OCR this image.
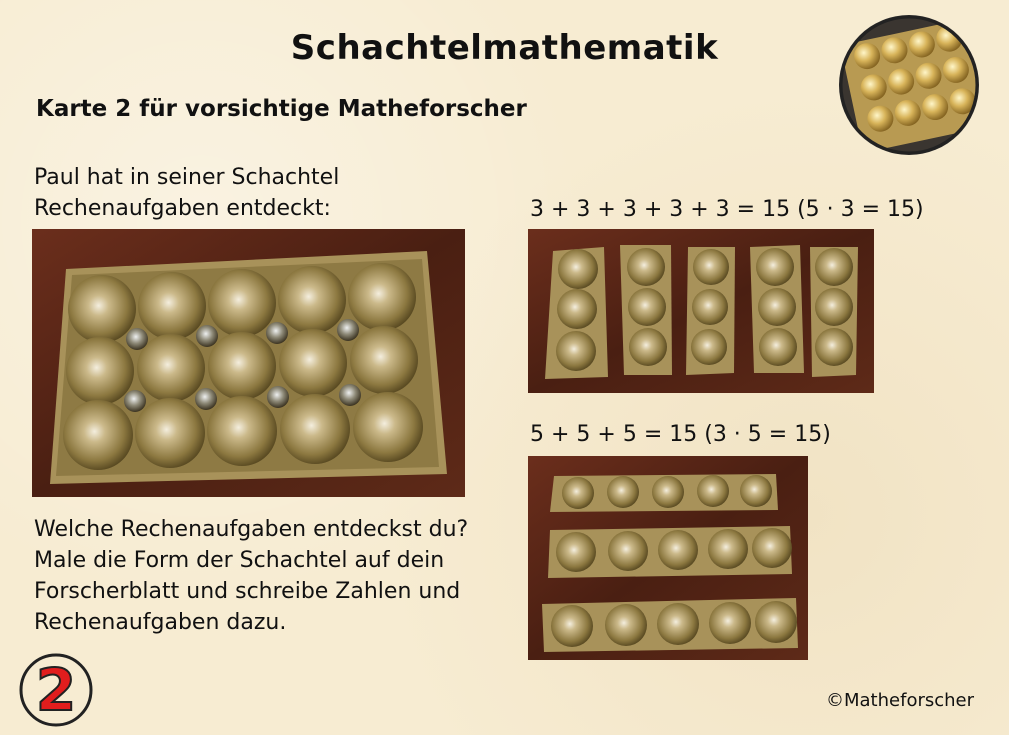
Schachtelmathematik
Karte 2 für vorsichtige Matheforscher
Paul hat in seiner Schachtel
Rechenaufgaben entdeckt:	3 + 3 + 3 + 3 + 3 = 15 (5 · 3 = 15)
5 + 5 + 5 = 15 (3 · 5 = 15)
Welche Rechenaufgaben entdeckst du?
Male die Form der Schachtel auf dein
Forscherblatt und schreibe Zahlen und
Rechenaufgaben dazu.
2	©Matheforscher
